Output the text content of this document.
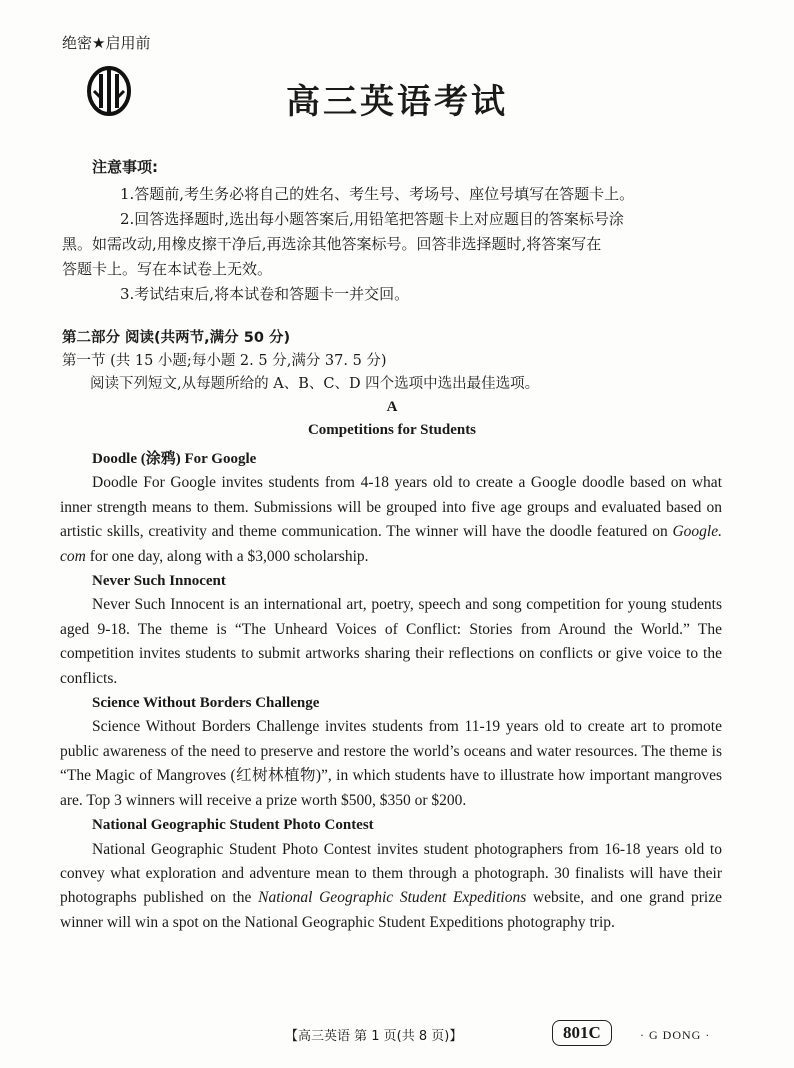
绝密★启用前
高三英语考试
注意事项:

1.答题前,考生务必将自己的姓名、考生号、考场号、座位号填写在答题卡上。

2.回答选择题时,选出每小题答案后,用铅笔把答题卡上对应题目的答案标号涂

黑。如需改动,用橡皮擦干净后,再选涂其他答案标号。回答非选择题时,将答案写在

答题卡上。写在本试卷上无效。

3.考试结束后,将本试卷和答题卡一并交回。

第二部分 阅读(共两节,满分 50 分)

第一节 (共 15 小题;每小题 2. 5 分,满分 37. 5 分)

阅读下列短文,从每题所给的 A、B、C、D 四个选项中选出最佳选项。

A

Competitions for Students

Doodle (涂鸦) For Google

Doodle For Google invites students from 4-18 years old to create a Google doodle based on what inner strength means to them. Submissions will be grouped into five age groups and evaluated based on artistic skills, creativity and theme communication. The winner will have the doodle featured on Google. com for one day, along with a $3,000 scholarship.

Never Such Innocent

Never Such Innocent is an international art, poetry, speech and song competition for young students aged 9-18. The theme is “The Unheard Voices of Conflict: Stories from Around the World.” The competition invites students to submit artworks sharing their reflections on conflicts or give voice to the conflicts.

Science Without Borders Challenge

Science Without Borders Challenge invites students from 11-19 years old to create art to promote public awareness of the need to preserve and restore the world’s oceans and water resources. The theme is “The Magic of Mangroves (红树林植物)”, in which students have to illustrate how important mangroves are. Top 3 winners will receive a prize worth $500, $350 or $200.

National Geographic Student Photo Contest

National Geographic Student Photo Contest invites student photographers from 16-18 years old to convey what exploration and adventure mean to them through a photograph. 30 finalists will have their photographs published on the National Geographic Student Expeditions website, and one grand prize winner will win a spot on the National Geographic Student Expeditions photography trip.

【高三英语 第 1 页(共 8 页)】	801C	· G DONG ·
